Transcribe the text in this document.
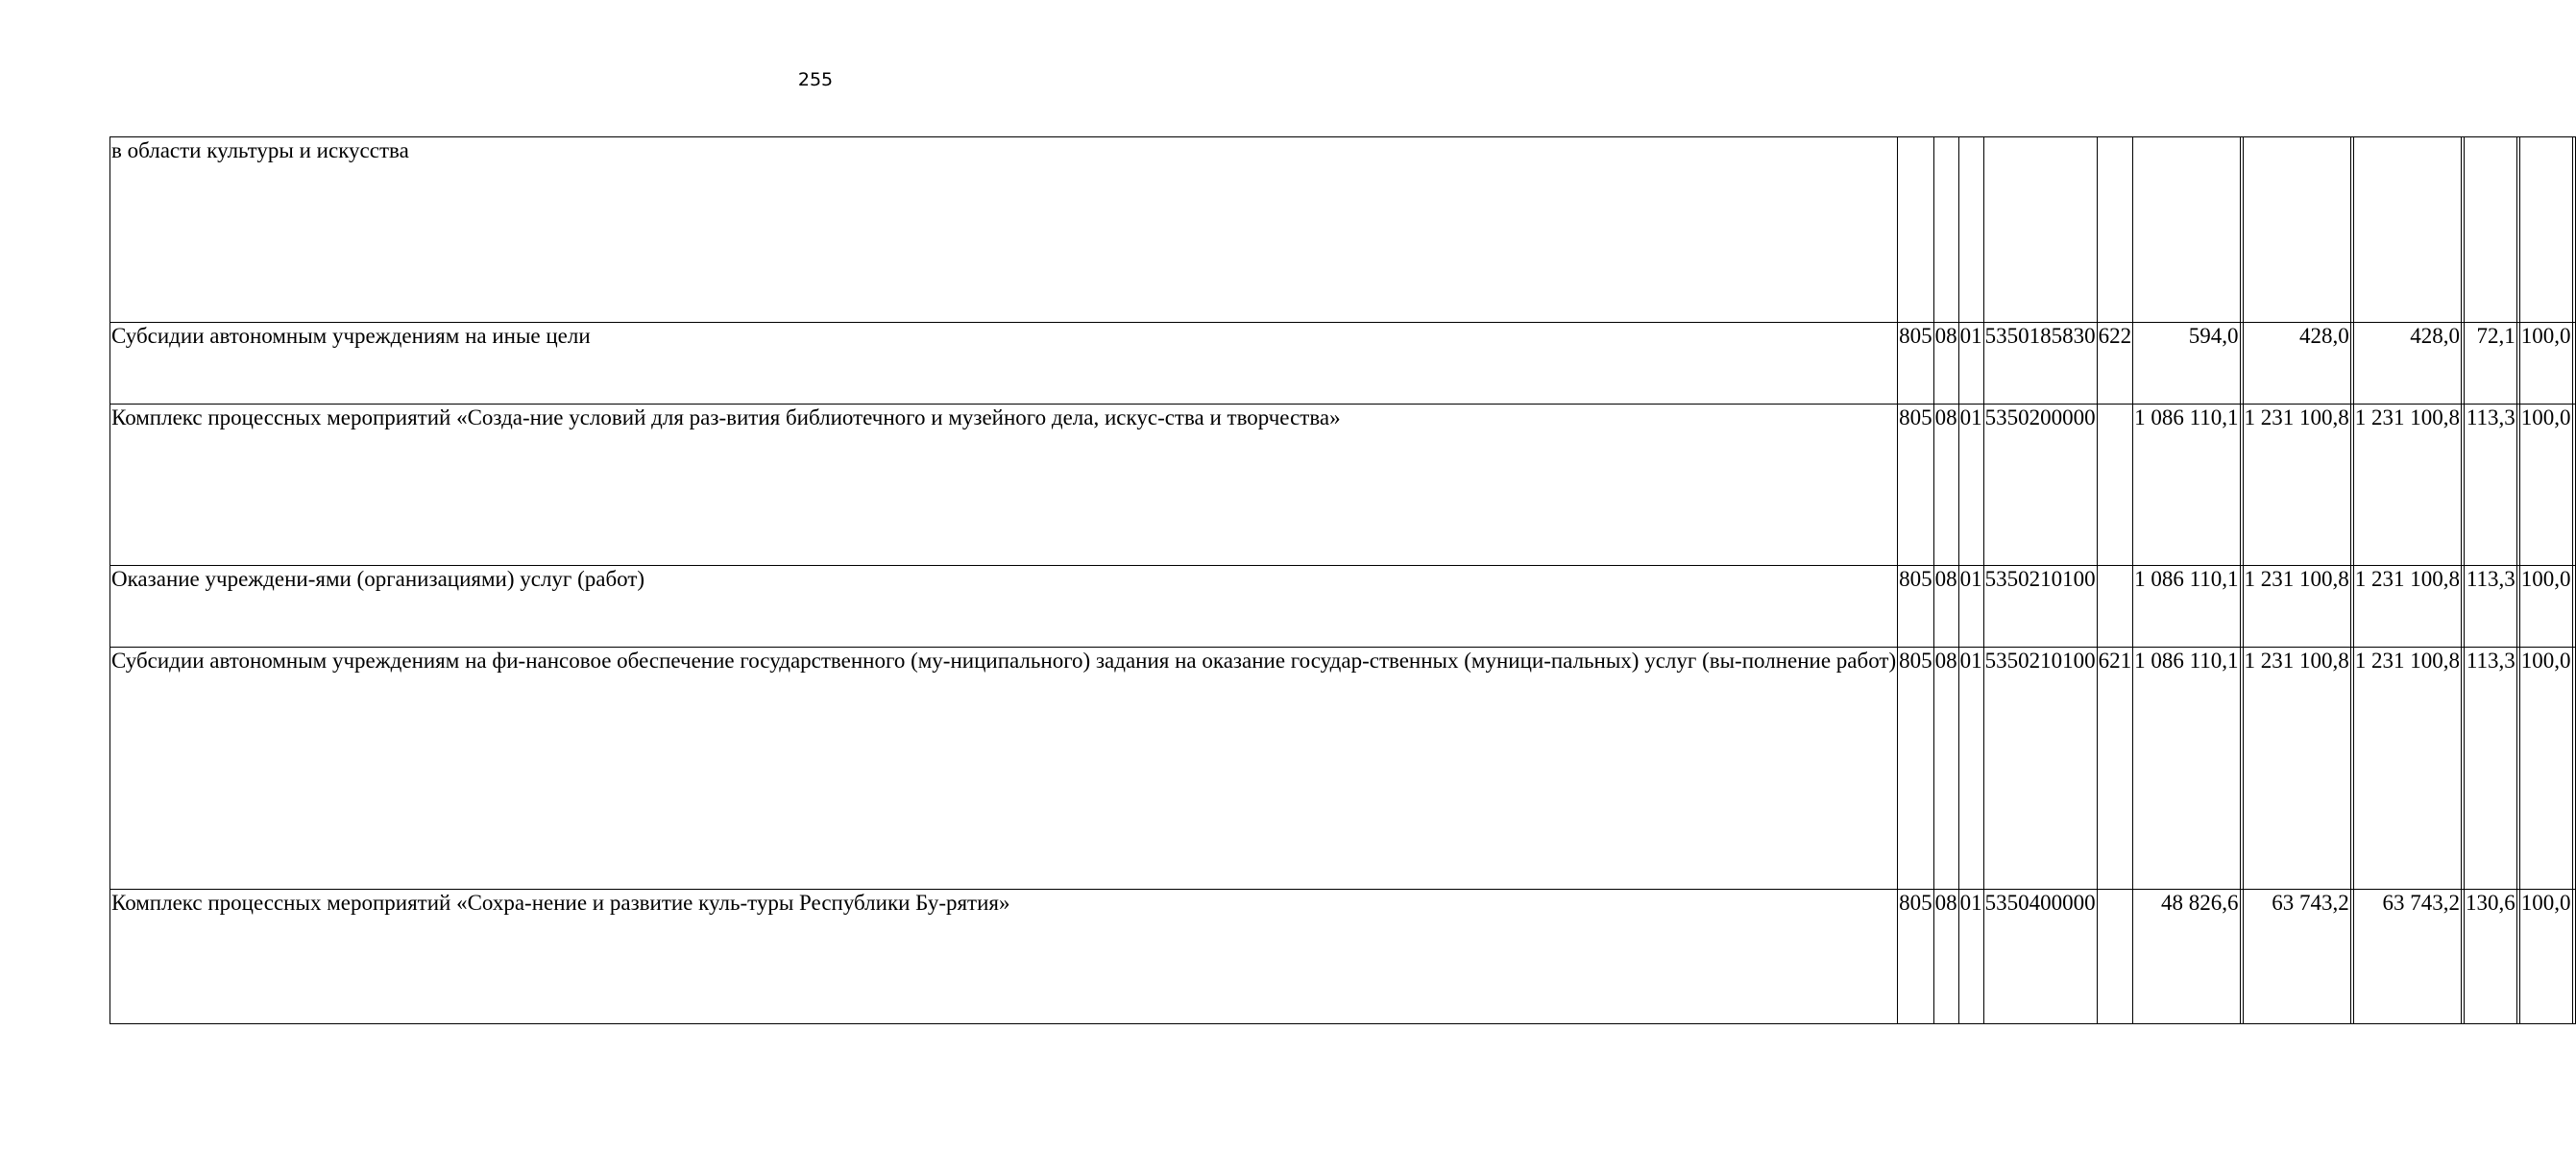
255
в области культуры и искусства															
Субсидии автономным учреждениям на иные цели	805	08	01	5350185830	622	594,0		428,0		428,0		72,1		100,0	
Комплекс процессных мероприятий «Созда-ние условий для раз-вития библиотечного и музейного дела, искус-ства и творчества»	805	08	01	5350200000		1 086 110,1		1 231 100,8		1 231 100,8		113,3		100,0	
Оказание учреждени-ями (организациями) услуг (работ)	805	08	01	5350210100		1 086 110,1		1 231 100,8		1 231 100,8		113,3		100,0	
Субсидии автономным учреждениям на фи-нансовое обеспечение государственного (му-ниципального) задания на оказание государ-ственных (муници-пальных) услуг (вы-полнение работ)	805	08	01	5350210100	621	1 086 110,1		1 231 100,8		1 231 100,8		113,3		100,0	
Комплекс процессных мероприятий «Сохра-нение и развитие куль-туры Республики Бу-рятия»	805	08	01	5350400000		48 826,6		63 743,2		63 743,2		130,6		100,0	
